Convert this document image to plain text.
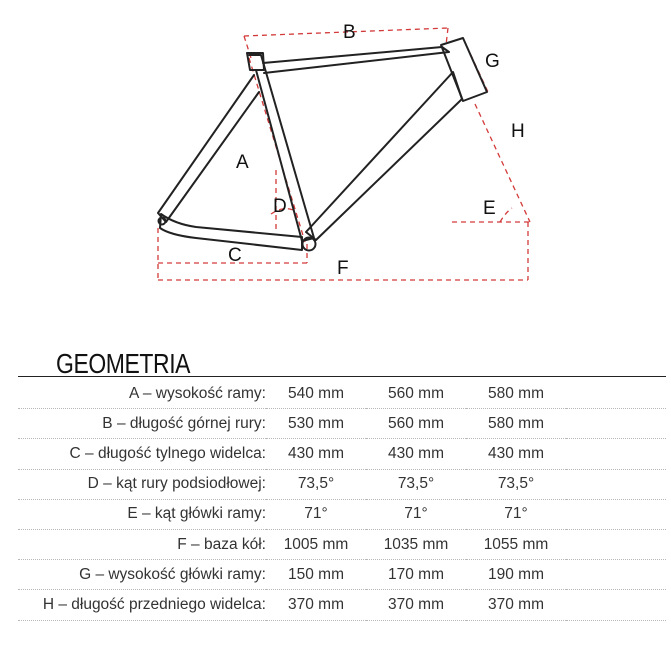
B
G
H
A
D	E
C
F
GEOMETRIA
A – wysokość ramy:	540 mm	560 mm	580 mm	
B – długość górnej rury:	530 mm	560 mm	580 mm	
C – długość tylnego widelca:	430 mm	430 mm	430 mm	
D – kąt rury podsiodłowej:	73,5°	73,5°	73,5°	
E – kąt główki ramy:	71°	71°	71°	
F – baza kół:	1005 mm	1035 mm	1055 mm	
G – wysokość główki ramy:	150 mm	170 mm	190 mm	
H – długość przedniego widelca:	370 mm	370 mm	370 mm	
